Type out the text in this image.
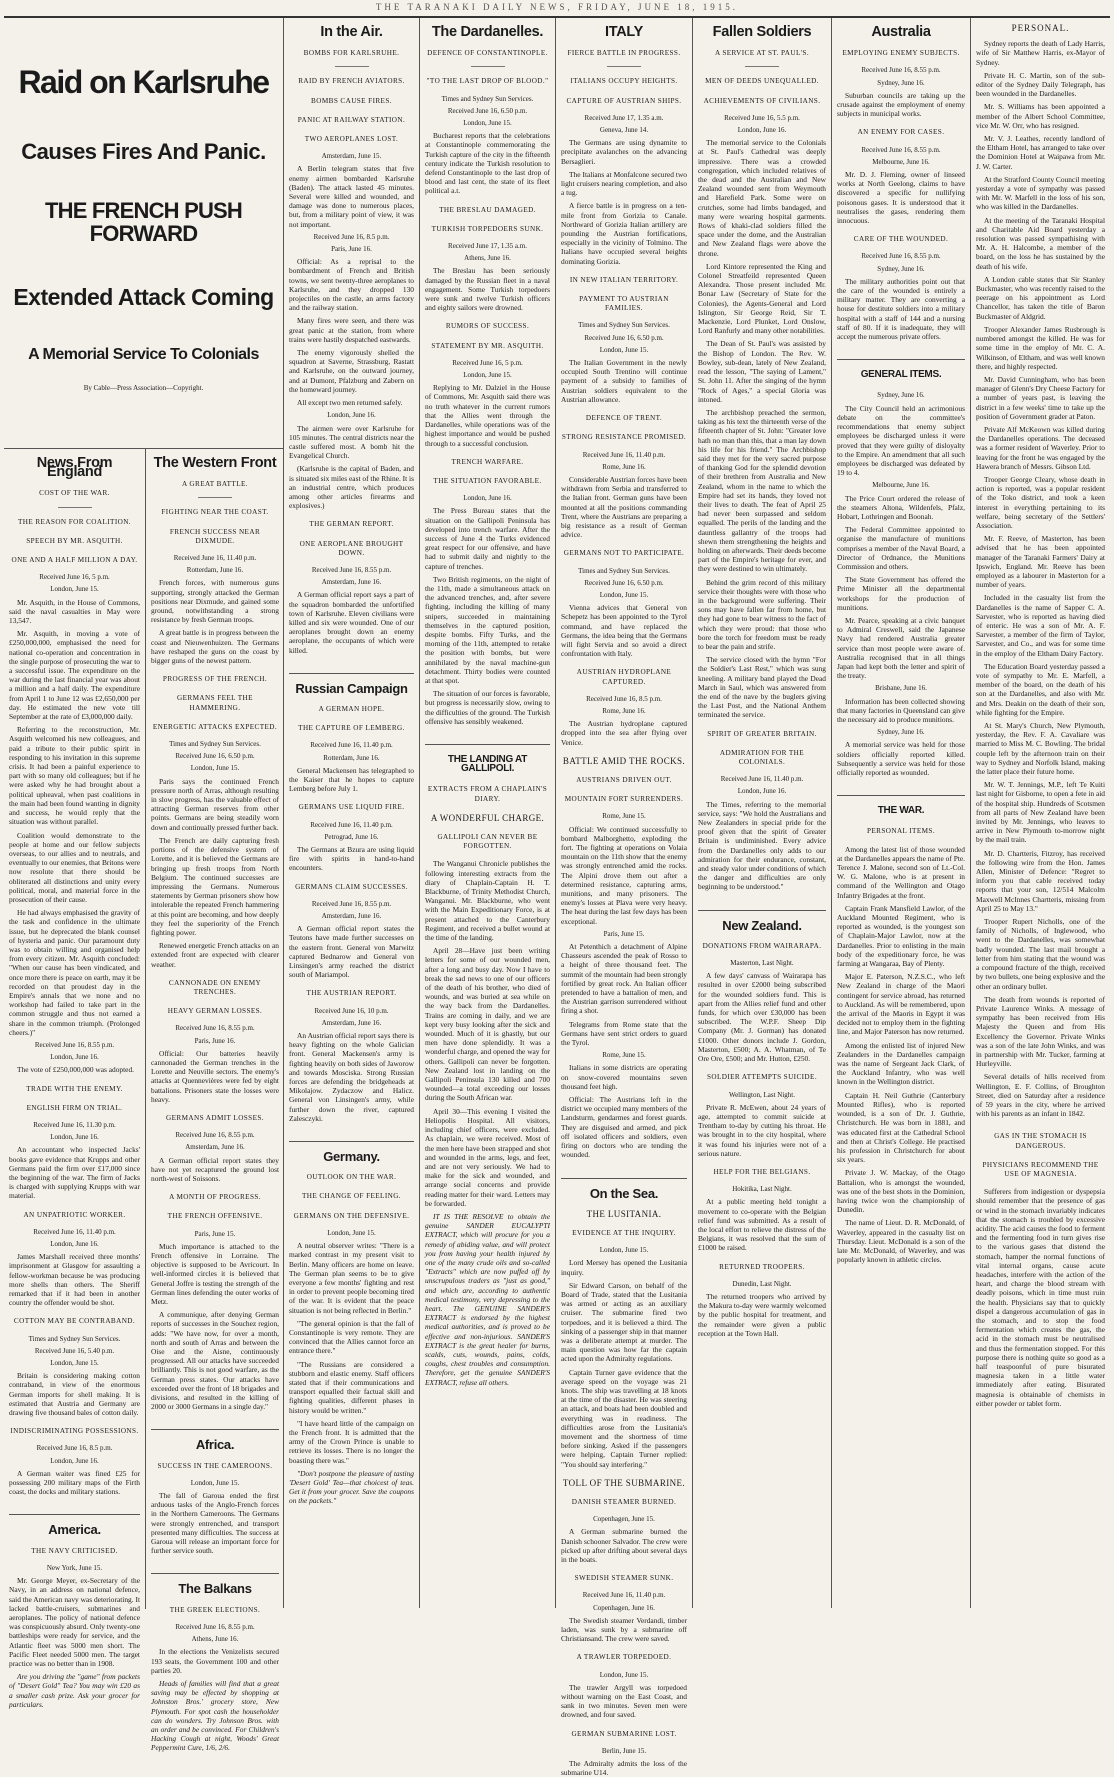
THE TARANAKI DAILY NEWS, FRIDAY, JUNE 18, 1915.
Raid on Karlsruhe
Causes Fires And Panic.
THE FRENCH PUSH FORWARD
Extended Attack Coming
A Memorial Service To Colonials
By Cable—Press Association—Copyright.
News From England
COST OF THE WAR.
THE REASON FOR COALITION.
SPEECH BY MR. ASQUITH.
ONE AND A HALF MILLION A DAY.
Received June 16, 5 p.m.
London, June 15.

Mr. Asquith, in the House of Commons, said the naval casualties in May were 13,547.

Mr. Asquith, in moving a vote of £250,000,000, emphasised the need for national co-operation and concentration in the single purpose of prosecuting the war to a successful issue. The expenditure on the war during the last financial year was about a million and a half daily. The expenditure from April 1 to June 12 was £2,650,000 per day. He estimated the new vote till September at the rate of £3,000,000 daily.

Referring to the reconstruction, Mr. Asquith welcomed his new colleagues, and paid a tribute to their public spirit in responding to his invitation in this supreme crisis. It had been a painful experience to part with so many old colleagues; but if he were asked why he had brought about a political upheaval, when past coalitions in the main had been found wanting in dignity and success, he would reply that the situation was without parallel.

Coalition would demonstrate to the people at home and our fellow subjects overseas, to our allies and to neutrals, and eventually to our enemies, that Britons were now resolute that there should be obliterated all distinctions and unity every political, moral, and material force in the prosecution of their cause.

He had always emphasised the gravity of the task and confidence in the ultimate issue, but he deprecated the blank counsel of hysteria and panic. Our paramount duty was to obtain willing and organised help from every citizen. Mr. Asquith concluded: "When our cause has been vindicated, and once more there is peace on earth, may it be recorded on that proudest day in the Empire's annals that we none and no workshop had failed to take part in the common struggle and thus not earned a share in the common triumph. (Prolonged cheers.)"

Received June 16, 8.55 p.m.
London, June 16.

The vote of £250,000,000 was adopted.

TRADE WITH THE ENEMY.
ENGLISH FIRM ON TRIAL.
Received June 16, 11.30 p.m.
London, June 16.

An accountant who inspected Jacks' books gave evidence that Krupps and other Germans paid the firm over £17,000 since the beginning of the war. The firm of Jacks is charged with supplying Krupps with war material.

AN UNPATRIOTIC WORKER.
Received June 16, 11.40 p.m.
London, June 16.

James Marshall received three months' imprisonment at Glasgow for assaulting a fellow-workman because he was producing more shells than others. The Sheriff remarked that if it had been in another country the offender would be shot.

COTTON MAY BE CONTRABAND.
Times and Sydney Sun Services.
Received June 16, 5.40 p.m.
London, June 15.

Britain is considering making cotton contraband, in view of the enormous German imports for shell making. It is estimated that Austria and Germany are drawing five thousand bales of cotton daily.

INDISCRIMINATING POSSESSIONS.
Received June 16, 8.5 p.m.
London, June 16.

A German waiter was fined £25 for possessing 200 military maps of the Firth coast, the docks and military stations.

America.
THE NAVY CRITICISED.
New York, June 15.

Mr. George Meyer, ex-Secretary of the Navy, in an address on national defence, said the American navy was deteriorating. It lacked battle-cruisers, submarines and aeroplanes. The policy of national defence was conspicuously absurd. Only twenty-one battleships were ready for service, and the Atlantic fleet was 5000 men short. The Pacific Fleet needed 5000 men. The target practice was no better than in 1908.

Are you driving the "game" from packets of "Desert Gold" Tea? You may win £20 as a smaller cash prize. Ask your grocer for particulars.

The Western Front
A GREAT BATTLE.
FIGHTING NEAR THE COAST.
FRENCH SUCCESS NEAR DIXMUDE.
Received June 16, 11.40 p.m.
Rotterdam, June 16.

French forces, with numerous guns supporting, strongly attacked the German positions near Dixmude, and gained some ground, notwithstanding a strong resistance by fresh German troops.

A great battle is in progress between the coast and Nieuwenhuizen. The Germans have reshaped the guns on the coast by bigger guns of the newest pattern.

PROGRESS OF THE FRENCH.
GERMANS FEEL THE HAMMERING.
ENERGETIC ATTACKS EXPECTED.
Times and Sydney Sun Services.
Received June 16, 6.50 p.m.
London, June 15.

Paris says the continued French pressure north of Arras, although resulting in slow progress, has the valuable effect of attracting German reserves from other points. Germans are being steadily worn down and continually pressed further back.

The French are daily capturing fresh portions of the defensive system of Lorette, and it is believed the Germans are bringing up fresh troops from North Belgium. The continued successes are impressing the Germans. Numerous statements by German prisoners show how intolerable the repeated French hammering at this point are becoming, and how deeply they feel the superiority of the French fighting power.

Renewed energetic French attacks on an extended front are expected with clearer weather.

CANNONADE ON ENEMY TRENCHES.
HEAVY GERMAN LOSSES.
Received June 16, 8.55 p.m.
Paris, June 16.

Official: Our batteries heavily cannonaded the German trenches in the Lorette and Neuville sectors. The enemy's attacks at Quennevières were fed by eight battalions. Prisoners state the losses were heavy.

GERMANS ADMIT LOSSES.
Received June 16, 8.55 p.m.
Amsterdam, June 16.

A German official report states they have not yet recaptured the ground lost north-west of Soissons.

A MONTH OF PROGRESS.
THE FRENCH OFFENSIVE.
Paris, June 15.

Much importance is attached to the French offensive in Lorraine. The objective is supposed to be Avricourt. In well-informed circles it is believed that General Joffre is testing the strength of the German lines defending the outer works of Metz.

A communique, after denying German reports of successes in the Souchez region, adds: "We have now, for over a month, north and south of Arras and between the Oise and the Aisne, continuously progressed. All our attacks have succeeded brilliantly. This is not good warfare, as the German press states. Our attacks have exceeded over the front of 18 brigades and divisions, and resulted in the killing of 2000 or 3000 Germans in a single day."

Africa.
SUCCESS IN THE CAMEROONS.
London, June 15.

The fall of Garoua ended the first arduous tasks of the Anglo-French forces in the Northern Cameroons. The Germans were strongly entrenched, and transport presented many difficulties. The success at Garoua will release an important force for further service south.

The Balkans
THE GREEK ELECTIONS.
Received June 16, 8.55 p.m.
Athens, June 16.

In the elections the Venizelists secured 193 seats, the Government 100 and other parties 20.

Heads of families will find that a great saving may be effected by shopping at Johnston Bros.' grocery store, New Plymouth. For spot cash the householder can do wonders. Try Johnson Bros. with an order and be convinced. For Children's Hacking Cough at night, Woods' Great Peppermint Cure, 1/6, 2/6.

In the Air.
BOMBS FOR KARLSRUHE.
RAID BY FRENCH AVIATORS.
BOMBS CAUSE FIRES.
PANIC AT RAILWAY STATION.
TWO AEROPLANES LOST.
Amsterdam, June 15.

A Berlin telegram states that five enemy airmen bombarded Karlsruhe (Baden). The attack lasted 45 minutes. Several were killed and wounded, and damage was done to numerous places, but, from a military point of view, it was not important.

Received June 16, 8.5 p.m.
Paris, June 16.

Official: As a reprisal to the bombardment of French and British towns, we sent twenty-three aeroplanes to Karlsruhe, and they dropped 130 projectiles on the castle, an arms factory and the railway station.

Many fires were seen, and there was great panic at the station, from where trains were hastily despatched eastwards.

The enemy vigorously shelled the squadron at Saverne, Strassburg, Rastatt and Karlsruhe, on the outward journey, and at Dumont, Pfalzburg and Zabern on the homeward journey.

All except two men returned safely.

London, June 16.

The airmen were over Karlsruhe for 105 minutes. The central districts near the castle suffered most. A bomb hit the Evangelical Church.

(Karlsruhe is the capital of Baden, and is situated six miles east of the Rhine. It is an industrial centre, which produces among other articles firearms and explosives.)

THE GERMAN REPORT.
ONE AEROPLANE BROUGHT DOWN.
Received June 16, 8.55 p.m.
Amsterdam, June 16.

A German official report says a part of the squadron bombarded the unfortified town of Karlsruhe. Eleven civilians were killed and six were wounded. One of our aeroplanes brought down an enemy aeroplane, the occupants of which were killed.

Russian Campaign
A GERMAN HOPE.
THE CAPTURE OF LEMBERG.
Received June 16, 11.40 p.m.
Rotterdam, June 16.

General Mackensen has telegraphed to the Kaiser that he hopes to capture Lemberg before July 1.

GERMANS USE LIQUID FIRE.
Received June 16, 11.40 p.m.
Petrograd, June 16.

The Germans at Bzura are using liquid fire with spirits in hand-to-hand encounters.

GERMANS CLAIM SUCCESSES.
Received June 16, 8.55 p.m.
Amsterdam, June 16.

A German official report states the Teutons have made further successes on the eastern front. General von Marwitz captured Bednarow and General von Linsingen's army reached the district south of Mariampol.

THE AUSTRIAN REPORT.
Received June 16, 10 p.m.
Amsterdam, June 16.

An Austrian official report says there is heavy fighting on the whole Galician front. General Mackensen's army is fighting heavily on both sides of Jaworow and towards Mosciska. Strong Russian forces are defending the bridgeheads at Mikolajow. Zydaczow and Halicz. General von Linsingen's army, while further down the river, captured Zalesczyki.

Germany.
OUTLOOK ON THE WAR.
THE CHANGE OF FEELING.
GERMANS ON THE DEFENSIVE.
London, June 15.

A neutral observer writes: "There is a marked contrast in my present visit to Berlin. Many officers are home on leave. The German plan seems to be to give everyone a few months' fighting and rest in order to prevent people becoming tired of the war. It is evident that the peace situation is not being reflected in Berlin."

"The general opinion is that the fall of Constantinople is very remote. They are convinced that the Allies cannot force an entrance there."

"The Russians are considered a stubborn and elastic enemy. Staff officers stated that if their communications and transport equalled their factual skill and fighting qualities, different phases in history would be written."

"I have heard little of the campaign on the French front. It is admitted that the army of the Crown Prince is unable to retrieve its losses. There is no longer the boasting there was."

"Don't postpone the pleasure of tasting 'Desert Gold' Tea—that choicest of teas. Get it from your grocer. Save the coupons on the packets."

The Dardanelles.
DEFENCE OF CONSTANTINOPLE.
"TO THE LAST DROP OF BLOOD."
Times and Sydney Sun Services.
Received June 16, 6.50 p.m.
London, June 15.

Bucharest reports that the celebrations at Constantinople commemorating the Turkish capture of the city in the fifteenth century indicate the Turkish resolution to defend Constantinople to the last drop of blood and last cent, the state of its fleet political a.t.

THE BRESLAU DAMAGED.
TURKISH TORPEDOERS SUNK.
Received June 17, 1.35 a.m.
Athens, June 16.

The Breslau has been seriously damaged by the Russian fleet in a naval engagement. Some Turkish torpedoers were sunk and twelve Turkish officers and eighty sailors were drowned.

RUMORS OF SUCCESS.
STATEMENT BY MR. ASQUITH.
Received June 16, 5 p.m.
London, June 15.

Replying to Mr. Dalziel in the House of Commons, Mr. Asquith said there was no truth whatever in the current rumors that the Allies went through the Dardanelles, while operations was of the highest importance and would be pushed through to a successful conclusion.

TRENCH WARFARE.
THE SITUATION FAVORABLE.
London, June 16.

The Press Bureau states that the situation on the Gallipoli Peninsula has developed into trench warfare. After the success of June 4 the Turks evidenced great respect for our offensive, and have had to submit daily and nightly to the capture of trenches.

Two British regiments, on the night of the 11th, made a simultaneous attack on the advanced trenches, and, after severe fighting, including the killing of many snipers, succeeded in maintaining themselves in the captured position, despite bombs. Fifty Turks, and the morning of the 11th, attempted to retake the position with bombs, but were annihilated by the naval machine-gun detachment. Thirty bodies were counted at that spot.

The situation of our forces is favorable, but progress is necessarily slow, owing to the difficulties of the ground. The Turkish offensive has sensibly weakened.

THE LANDING AT GALLIPOLI.
EXTRACTS FROM A CHAPLAIN'S DIARY.
A WONDERFUL CHARGE.
GALLIPOLI CAN NEVER BE FORGOTTEN.

The Wanganui Chronicle publishes the following interesting extracts from the diary of Chaplain-Captain H. T. Blackburne, of Trinity Methodist Church, Wanganui. Mr. Blackburne, who went with the Main Expeditionary Force, is at present attached to the Canterbury Regiment, and received a bullet wound at the time of the landing.

April 28—Have just been writing letters for some of our wounded men, after a long and busy day. Now I have to break the sad news to one of our officers of the death of his brother, who died of wounds, and was buried at sea while on the way back from the Dardanelles. Trains are coming in daily, and we are kept very busy looking after the sick and wounded. Much of it is ghastly, but our men have done splendidly. It was a wonderful charge, and opened the way for others. Gallipoli can never be forgotten. New Zealand lost in landing on the Gallipoli Peninsula 130 killed and 700 wounded—a total exceeding our losses during the South African war.

April 30—This evening I visited the Heliopolis Hospital. All visitors, including chief officers, were excluded. As chaplain, we were received. Most of the men here have been strapped and shot and wounded in the arms, legs, and feet, and are not very seriously. We had to make for the sick and wounded, and arrange social concerns and provide reading matter for their ward. Letters may be forwarded.

IT IS THE RESOLVE to obtain the genuine SANDER EUCALYPTI EXTRACT, which will procure for you a remedy of abiding value, and will protect you from having your health injured by one of the many crude oils and so-called "Extracts" which are now puffed off by unscrupulous traders as "just as good," and which are, according to authentic medical testimony, very depressing to the heart. The GENUINE SANDER'S EXTRACT is endorsed by the highest medical authorities, and is proved to be effective and non-injurious. SANDER'S EXTRACT is the great healer for burns, scalds, cuts, wounds, pains, colds, coughs, chest troubles and consumption. Therefore, get the genuine SANDER'S EXTRACT, refuse all others.

ITALY
FIERCE BATTLE IN PROGRESS.
ITALIANS OCCUPY HEIGHTS.
CAPTURE OF AUSTRIAN SHIPS.
Received June 17, 1.35 a.m.
Geneva, June 14.

The Germans are using dynamite to precipitate avalanches on the advancing Bersaglieri.

The Italians at Monfalcone secured two light cruisers nearing completion, and also a tug.

A fierce battle is in progress on a ten-mile front from Gorizia to Canale. Northward of Gorizia Italian artillery are pounding the Austrian fortifications, especially in the vicinity of Tolmino. The Italians have occupied several heights dominating Gorizia.

IN NEW ITALIAN TERRITORY.
PAYMENT TO AUSTRIAN FAMILIES.
Times and Sydney Sun Services.
Received June 16, 6.50 p.m.
London, June 15.

The Italian Government in the newly occupied South Trentino will continue payment of a subsidy to families of Austrian soldiers equivalent to the Austrian allowance.

DEFENCE OF TRENT.
STRONG RESISTANCE PROMISED.
Received June 16, 11.40 p.m.
Rome, June 16.

Considerable Austrian forces have been withdrawn from Serbia and transferred to the Italian front. German guns have been mounted at all the positions commanding Trent, where the Austrians are preparing a big resistance as a result of German advice.

GERMANS NOT TO PARTICIPATE.
Times and Sydney Sun Services.
Received June 16, 6.50 p.m.
London, June 15.

Vienna advices that General von Schepetz has been appointed to the Tyrol command, and have replaced the Germans, the idea being that the Germans will fight Servia and so avoid a direct confrontation with Italy.

AUSTRIAN HYDROPLANE CAPTURED.
Received June 16, 8.5 p.m.
Rome, June 16.

The Austrian hydroplane captured dropped into the sea after flying over Venice.

BATTLE AMID THE ROCKS.
AUSTRIANS DRIVEN OUT.
MOUNTAIN FORT SURRENDERS.
Rome, June 15.

Official: We continued successfully to bombard Malborghetto, exploding the fort. The fighting at operations on Volaia mountain on the 11th show that the enemy was strongly entrenched amid the rocks. The Alpini drove them out after a determined resistance, capturing arms, munitions, and many prisoners. The enemy's losses at Plava were very heavy. The heat during the last few days has been exceptional.

Paris, June 15.

At Petenthich a detachment of Alpine Chasseurs ascended the peak of Rosso to a height of three thousand feet. The summit of the mountain had been strongly fortified by great rock. An Italian officer pretended to have a battalion of men, and the Austrian garrison surrendered without firing a shot.

Telegrams from Rome state that the Germans have sent strict orders to guard the Tyrol.

Rome, June 15.

Italians in some districts are operating on snow-covered mountains seven thousand feet high.

Official: The Austrians left in the district we occupied many members of the Landsturm, gendarmes and forest guards. They are disguised and armed, and pick off isolated officers and soldiers, even firing on doctors who are tending the wounded.

On the Sea.
THE LUSITANIA.
EVIDENCE AT THE INQUIRY.
London, June 15.

Lord Mersey has opened the Lusitania inquiry.

Sir Edward Carson, on behalf of the Board of Trade, stated that the Lusitania was armed or acting as an auxiliary cruiser. The submarine fired two torpedoes, and it is believed a third. The sinking of a passenger ship in that manner was a deliberate attempt at murder. The main question was how far the captain acted upon the Admiralty regulations.

Captain Turner gave evidence that the average speed on the voyage was 21 knots. The ship was travelling at 18 knots at the time of the disaster. He was steering an attack, and boats had been doubled and everything was in readiness. The difficulties arose from the Lusitania's movement and the shortness of time before sinking. Asked if the passengers were helping, Captain Turner replied: "You should say interfering."

TOLL OF THE SUBMARINE.
DANISH STEAMER BURNED.
Copenhagen, June 15.

A German submarine burned the Danish schooner Salvador. The crew were picked up after drifting about several days in the boats.

SWEDISH STEAMER SUNK.
Received June 16, 11.40 p.m.
Copenhagen, June 16.

The Swedish steamer Verdandi, timber laden, was sunk by a submarine off Christiansand. The crew were saved.

A TRAWLER TORPEDOED.
London, June 15.

The trawler Argyll was torpedoed without warning on the East Coast, and sank in two minutes. Seven men were drowned, and four saved.

GERMAN SUBMARINE LOST.
Berlin, June 15.

The Admiralty admits the loss of the submarine U14.

Fallen Soldiers
A SERVICE AT ST. PAUL'S.
MEN OF DEEDS UNEQUALLED.
ACHIEVEMENTS OF CIVILIANS.
Received June 16, 5.5 p.m.
London, June 16.

The memorial service to the Colonials at St. Paul's Cathedral was deeply impressive. There was a crowded congregation, which included relatives of the dead and the Australian and New Zealand wounded sent from Weymouth and Harefield Park. Some were on crutches, some had limbs bandaged, and many were wearing hospital garments. Rows of khaki-clad soldiers filled the space under the dome, and the Australian and New Zealand flags were above the throne.

Lord Kintore represented the King and Colonel Streatfeild represented Queen Alexandra. Those present included Mr. Bonar Law (Secretary of State for the Colonies), the Agents-General and Lord Islington, Sir George Reid, Sir T. Mackenzie, Lord Plunket, Lord Onslow, Lord Ranfurly and many other notabilities.

The Dean of St. Paul's was assisted by the Bishop of London. The Rev. W. Bowley, sub-dean, lately of New Zealand, read the lesson, "The saying of Lament," St. John 11. After the singing of the hymn "Rock of Ages," a special Gloria was intoned.

The archbishop preached the sermon, taking as his text the thirteenth verse of the fifteenth chapter of St. John: "Greater love hath no man than this, that a man lay down his life for his friend." The Archbishop said they met for the very sacred purpose of thanking God for the splendid devotion of their brethren from Australia and New Zealand, whom in the name to which the Empire had set its hands, they loved not their lives to death. The feat of April 25 had never been surpassed and seldom equalled. The perils of the landing and the dauntless gallantry of the troops had shewn them strengthening the heights and holding on afterwards. Their deeds become part of the Empire's heritage for ever, and they were destined to win ultimately.

Behind the grim record of this military service their thoughts were with those who in the background were suffering. Their sons may have fallen far from home, but they had gone to bear witness to the fact of which they were proud: that those who bore the torch for freedom must be ready to bear the pain and strife.

The service closed with the hymn "For the Soldier's Last Rest," which was sung kneeling. A military band played the Dead March in Saul, which was answered from the end of the nave by the buglers giving the Last Post, and the National Anthem terminated the service.

SPIRIT OF GREATER BRITAIN.
ADMIRATION FOR THE COLONIALS.
Received June 16, 11.40 p.m.
London, June 16.

The Times, referring to the memorial service, says: "We hold the Australians and New Zealanders in special pride for the proof given that the spirit of Greater Britain is undiminished. Every advice from the Dardanelles only adds to our admiration for their endurance, constant, and steady valor under conditions of which the danger and difficulties are only beginning to be understood."

New Zealand.
DONATIONS FROM WAIRARAPA.
Masterton, Last Night.

A few days' canvass of Wairarapa has resulted in over £2000 being subscribed for the wounded soldiers fund. This is apart from the Allies relief fund and other funds, for which over £30,000 has been subscribed. The W.P.F. Sheep Dip Company (Mr. J. Gorman) has donated £1000. Other donors include J. Gordon, Masterton, £500; A. A. Whatman, of Te Ore Ore, £500; and Mr. Hutton, £250.

SOLDIER ATTEMPTS SUICIDE.
Wellington, Last Night.

Private R. McEwen, about 24 years of age, attempted to commit suicide at Trentham to-day by cutting his throat. He was brought in to the city hospital, where it was found his injuries were not of a serious nature.

HELP FOR THE BELGIANS.
Hokitika, Last Night.

At a public meeting held tonight a movement to co-operate with the Belgian relief fund was submitted. As a result of the local effort to relieve the distress of the Belgians, it was resolved that the sum of £1000 be raised.

RETURNED TROOPERS.
Dunedin, Last Night.

The returned troopers who arrived by the Makura to-day were warmly welcomed by the public hospital for treatment, and the remainder were given a public reception at the Town Hall.

Australia
EMPLOYING ENEMY SUBJECTS.
Received June 16, 8.55 p.m.
Sydney, June 16.

Suburban councils are taking up the crusade against the employment of enemy subjects in municipal works.

AN ENEMY FOR CASES.
Received June 16, 8.55 p.m.
Melbourne, June 16.

Mr. D. J. Fleming, owner of linseed works at North Geelong, claims to have discovered a specific for nullifying poisonous gases. It is understood that it neutralises the gases, rendering them innocuous.

CARE OF THE WOUNDED.
Received June 16, 8.55 p.m.
Sydney, June 16.

The military authorities point out that the care of the wounded is entirely a military matter. They are converting a house for destitute soldiers into a military hospital with a staff of 144 and a nursing staff of 80. If it is inadequate, they will accept the numerous private offers.

GENERAL ITEMS.
Sydney, June 16.

The City Council held an acrimonious debate on the committee's recommendations that enemy subject employees be discharged unless it were proved that they were guilty of disloyalty to the Empire. An amendment that all such employees be discharged was defeated by 19 to 4.

Melbourne, June 16.

The Price Court ordered the release of the steamers Altona, Wildenfels, Pfalz, Hobart, Lothringen and Boonah.

The Federal Committee appointed to organise the manufacture of munitions comprises a member of the Naval Board, a Director of Ordnance, the Munitions Commission and others.

The State Government has offered the Prime Minister all the departmental workshops for the production of munitions.

Mr. Pearce, speaking at a civic banquet to Admiral Creswell, said the Japanese Navy had rendered Australia greater service than most people were aware of. Australia recognised that in all things Japan had kept both the letter and spirit of the treaty.

Brisbane, June 16.

Information has been collected showing that many factories in Queensland can give the necessary aid to produce munitions.

Sydney, June 16.

A memorial service was held for those soldiers officially reported killed. Subsequently a service was held for those officially reported as wounded.

THE WAR.
PERSONAL ITEMS.

Among the latest list of those wounded at the Dardanelles appears the name of Pte. Terence J. Malone, second son of Lt.-Col. W. G. Malone, who is at present in command of the Wellington and Otago Infantry Brigades at the front.

Captain Frank Mansfield Lawlor, of the Auckland Mounted Regiment, who is reported as wounded, is the youngest son of Chaplain-Major Lawlor, now at the Dardanelles. Prior to enlisting in the main body of the expeditionary force, he was farming at Wangaraa, Bay of Plenty.

Major E. Paterson, N.Z.S.C., who left New Zealand in charge of the Maori contingent for service abroad, has returned to Auckland. As will be remembered, upon the arrival of the Maoris in Egypt it was decided not to employ them in the fighting line, and Major Paterson has now returned.

Among the enlisted list of injured New Zealanders in the Dardanelles campaign was the name of Sergeant Jack Clark, of the Auckland Infantry, who was well known in the Wellington district.

Captain H. Neil Guthrie (Canterbury Mounted Rifles), who is reported wounded, is a son of Dr. J. Guthrie, Christchurch. He was born in 1881, and was educated first at the Cathedral School and then at Christ's College. He practised his profession in Christchurch for about six years.

Private J. W. Mackay, of the Otago Battalion, who is amongst the wounded, was one of the best shots in the Dominion, having twice won the championship of Dunedin.

The name of Lieut. D. R. McDonald, of Waverley, appeared in the casualty list on Thursday. Lieut. McDonald is a son of the late Mr. McDonald, of Waverley, and was popularly known in athletic circles.

PERSONAL.

Sydney reports the death of Lady Harris, wife of Sir Matthew Harris, ex-Mayor of Sydney.

Private H. C. Martin, son of the sub-editor of the Sydney Daily Telegraph, has been wounded in the Dardanelles.

Mr. S. Williams has been appointed a member of the Albert School Committee, vice Mr. W. Orr, who has resigned.

Mr. V. J. Leathes, recently landlord of the Eltham Hotel, has arranged to take over the Dominion Hotel at Waipawa from Mr. J. W. Carter.

At the Stratford County Council meeting yesterday a vote of sympathy was passed with Mr. W. Marfell in the loss of his son, who was killed in the Dardanelles.

At the meeting of the Taranaki Hospital and Charitable Aid Board yesterday a resolution was passed sympathising with Mr. A. H. Halcombe, a member of the board, on the loss he has sustained by the death of his wife.

A London cable states that Sir Stanley Buckmaster, who was recently raised to the peerage on his appointment as Lord Chancellor, has taken the title of Baron Buckmaster of Aldgrid.

Trooper Alexander James Rusbrough is numbered amongst the killed. He was for some time in the employ of Mr. C. A. Wilkinson, of Eltham, and was well known there, and highly respected.

Mr. David Cunningham, who has been manager of Glenn's Dry Cheese Factory for a number of years past, is leaving the district in a few weeks' time to take up the position of Government grader at Paton.

Private Alf McKeown was killed during the Dardanelles operations. The deceased was a former resident of Waverley. Prior to leaving for the front he was engaged by the Hawera branch of Messrs. Gibson Ltd.

Trooper George Cleary, whose death in action is reported, was a popular resident of the Toko district, and took a keen interest in everything pertaining to its welfare, being secretary of the Settlers' Association.

Mr. F. Reeve, of Masterton, has been advised that he has been appointed manager of the Taranaki Farmers' Dairy at Ipswich, England. Mr. Reeve has been employed as a labourer in Masterton for a number of years.

Included in the casualty list from the Dardanelles is the name of Sapper C. A. Sarvester, who is reported as having died of enteric. He was a son of Mr. A. F. Sarvester, a member of the firm of Taylor, Sarvester, and Co., and was for some time in the employ of the Eltham Dairy Factory.

The Education Board yesterday passed a vote of sympathy to Mr. E. Marfell, a member of the board, on the death of his son at the Dardanelles, and also with Mr. and Mrs. Deakin on the death of their son, while fighting for the Empire.

At St. Mary's Church, New Plymouth, yesterday, the Rev. F. A. Cavaliare was married to Miss M. C. Bowling. The bridal couple left by the afternoon train on their way to Sydney and Norfolk Island, making the latter place their future home.

Mr. W. T. Jennings, M.P., left Te Kuiti last night for Gisborne, to open a fete in aid of the hospital ship. Hundreds of Scotsmen from all parts of New Zealand have been invited by Mr. Jennings, who leaves to arrive in New Plymouth to-morrow night by the mail train.

Mr. D. Chartteris, Fitzroy, has received the following wire from the Hon. James Allen, Minister of Defence: "Regret to inform you that cable received today reports that your son, 12/514 Malcolm Maxwell McInnes Chartteris, missing from April 25 to May 13."

Trooper Rupert Nicholls, one of the family of Nicholls, of Inglewood, who went to the Dardanelles, was somewhat badly wounded. The last mail brought a letter from him stating that the wound was a compound fracture of the thigh, received by two bullets, one being explosive and the other an ordinary bullet.

The death from wounds is reported of Private Laurence Winks. A message of sympathy has been received from His Majesty the Queen and from His Excellency the Governor. Private Winks was a son of the late John Winks, and was in partnership with Mr. Tucker, farming at Hurleyville.

Several details of hills received from Wellington, E. F. Collins, of Broughton Street, died on Saturday after a residence of 59 years in the city, where he arrived with his parents as an infant in 1842.

GAS IN THE STOMACH IS DANGEROUS.
PHYSICIANS RECOMMEND THE USE OF MAGNESIA.

Sufferers from indigestion or dyspepsia should remember that the presence of gas or wind in the stomach invariably indicates that the stomach is troubled by excessive acidity. The acid causes the food to ferment and the fermenting food in turn gives rise to the various gases that distend the stomach, hamper the normal functions of vital internal organs, cause acute headaches, interfere with the action of the heart, and charge the blood stream with deadly poisons, which in time must ruin the health. Physicians say that to quickly dispel a dangerous accumulation of gas in the stomach, and to stop the food fermentation which creates the gas, the acid in the stomach must be neutralised and thus the fermentation stopped. For this purpose there is nothing quite so good as a half teaspoonful of pure bisurated magnesia taken in a little water immediately after eating. Bisurated magnesia is obtainable of chemists in either powder or tablet form.
